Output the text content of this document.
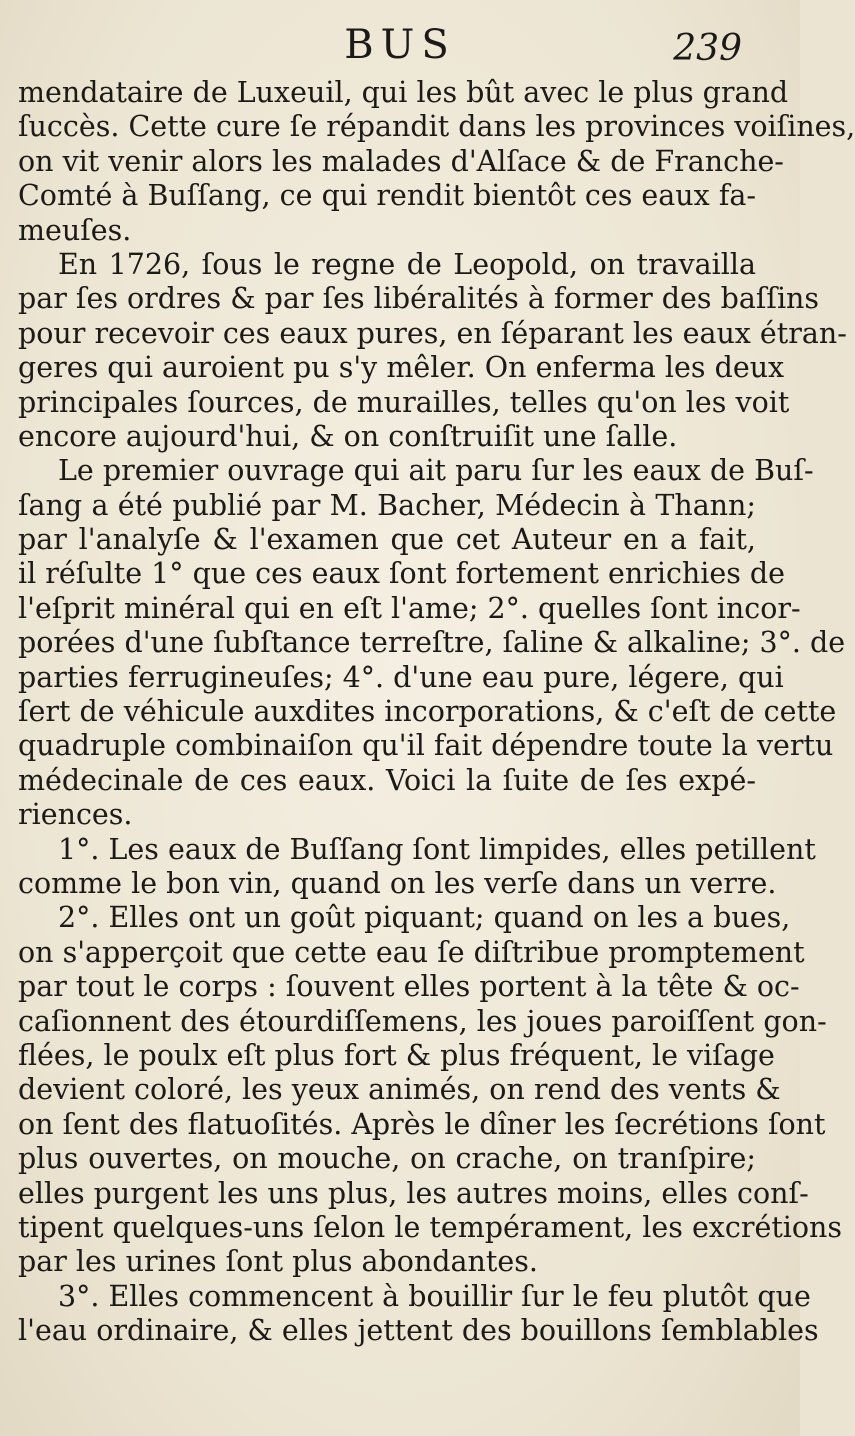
BUS	239
mendataire de Luxeuil, qui les bût avec le plus grand
ſuccès. Cette cure ſe répandit dans les provinces voiſines,
on vit venir alors les malades d'Alſace & de Franche-
Comté à Buſſang, ce qui rendit bientôt ces eaux fa-
meuſes.
En 1726, ſous le regne de Leopold, on travailla
par ſes ordres & par ſes libéralités à former des baſſins
pour recevoir ces eaux pures, en ſéparant les eaux étran-
geres qui auroient pu s'y mêler. On enferma les deux
principales ſources, de murailles, telles qu'on les voit
encore aujourd'hui, & on conſtruiſit une ſalle.
Le premier ouvrage qui ait paru ſur les eaux de Buſ-
ſang a été publié par M. Bacher, Médecin à Thann;
par l'analyſe & l'examen que cet Auteur en a fait,
il réſulte 1° que ces eaux ſont fortement enrichies de
l'eſprit minéral qui en eſt l'ame; 2°. quelles ſont incor-
porées d'une ſubſtance terreſtre, ſaline & alkaline; 3°. de
parties ferrugineuſes; 4°. d'une eau pure, légere, qui
ſert de véhicule auxdites incorporations, & c'eſt de cette
quadruple combinaiſon qu'il fait dépendre toute la vertu
médecinale de ces eaux. Voici la ſuite de ſes expé-
riences.
1°. Les eaux de Buſſang ſont limpides, elles petillent
comme le bon vin, quand on les verſe dans un verre.
2°. Elles ont un goût piquant; quand on les a bues,
on s'apperçoit que cette eau ſe diſtribue promptement
par tout le corps : ſouvent elles portent à la tête & oc-
caſionnent des étourdiſſemens, les joues paroiſſent gon-
flées, le poulx eſt plus fort & plus fréquent, le viſage
devient coloré, les yeux animés, on rend des vents &
on ſent des flatuoſités. Après le dîner les ſecrétions ſont
plus ouvertes, on mouche, on crache, on tranſpire;
elles purgent les uns plus, les autres moins, elles conſ-
tipent quelques-uns ſelon le tempérament, les excrétions
par les urines ſont plus abondantes.
3°. Elles commencent à bouillir ſur le feu plutôt que
l'eau ordinaire, & elles jettent des bouillons ſemblables
